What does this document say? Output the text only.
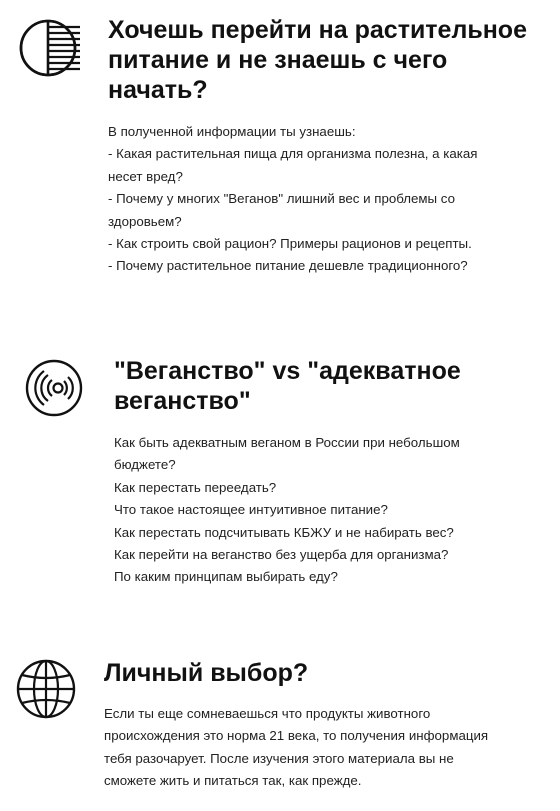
Хочешь перейти на растительное питание и не знаешь с чего начать?
В полученной информации ты узнаешь:
- Какая растительная пища для организма полезна, а какая
несет вред?
- Почему у многих "Веганов" лишний вес и проблемы со
здоровьем?
- Как строить свой рацион? Примеры рационов и рецепты.
- Почему растительное питание дешевле традиционного?
"Веганство" vs "адекватное веганство"
Как быть адекватным веганом в России при небольшом
бюджете?
Как перестать переедать?
Что такое настоящее интуитивное питание?
Как перестать подсчитывать КБЖУ и не набирать вес?
Как перейти на веганство без ущерба для организма?
По каким принципам выбирать еду?
Личный выбор?
Если ты еще сомневаешься что продукты животного
происхождения это норма 21 века, то получения информация
тебя разочарует. После изучения этого материала вы не
сможете жить и питаться так, как прежде.
